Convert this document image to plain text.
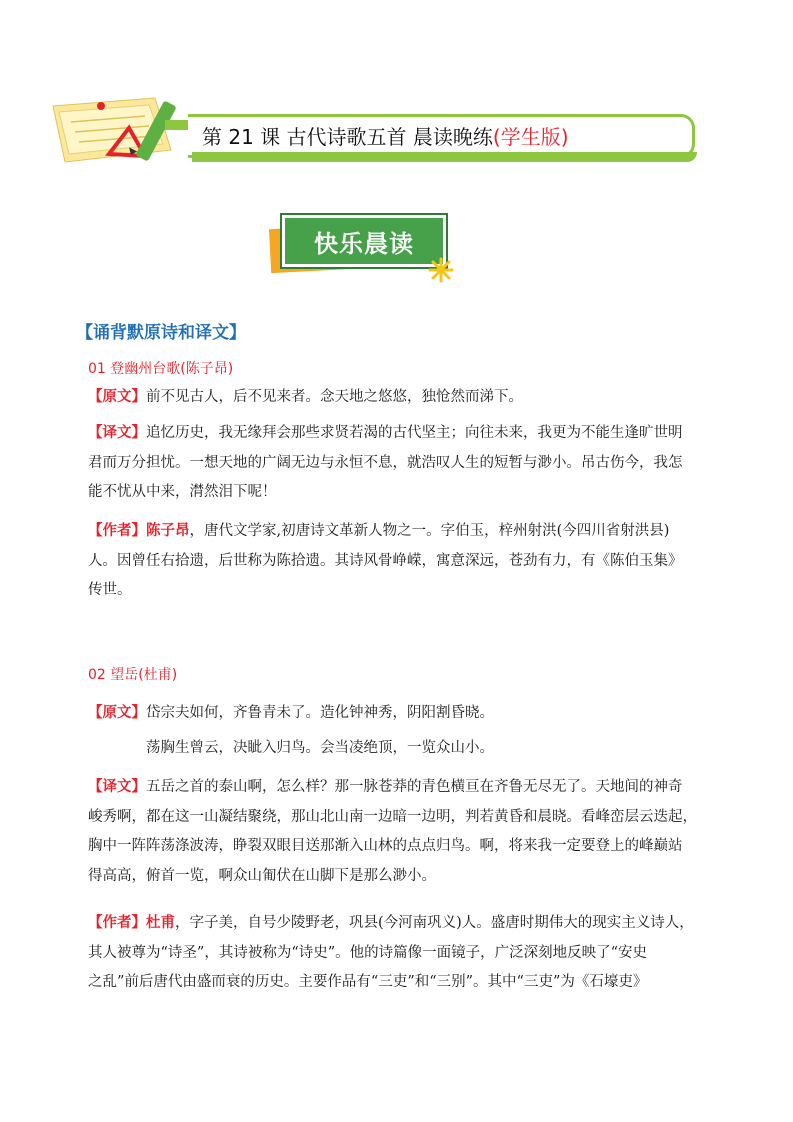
第 21 课 古代诗歌五首 晨读晚练(学生版)
快乐晨读
【诵背默原诗和译文】
01 登幽州台歌(陈子昂)
【原文】前不见古人，后不见来者。念天地之悠悠，独怆然而涕下。
【译文】追忆历史，我无缘拜会那些求贤若渴的古代坚主；向往未来，我更为不能生逢旷世明
君而万分担忧。一想天地的广阔无边与永恒不息，就浩叹人生的短暂与渺小。吊古伤今，我怎
能不忧从中来，潸然泪下呢！
【作者】陈子昂，唐代文学家,初唐诗文革新人物之一。字伯玉，梓州射洪(今四川省射洪县)
人。因曾任右拾遗，后世称为陈拾遗。其诗风骨峥嵘，寓意深远，苍劲有力，有《陈伯玉集》
传世。
02 望岳(杜甫)
【原文】岱宗夫如何，齐鲁青未了。造化钟神秀，阴阳割昏晓。
荡胸生曾云，决眦入归鸟。会当凌绝顶，一览众山小。
【译文】五岳之首的泰山啊，怎么样？那一脉苍莽的青色横亘在齐鲁无尽无了。天地间的神奇
峻秀啊，都在这一山凝结聚绕，那山北山南一边暗一边明，判若黄昏和晨晓。看峰峦层云迭起，
胸中一阵阵荡涤波涛，睁裂双眼目送那渐入山林的点点归鸟。啊，将来我一定要登上的峰巅站
得高高，俯首一览，啊众山匍伏在山脚下是那么渺小。
【作者】杜甫，字子美，自号少陵野老，巩县(今河南巩义)人。盛唐时期伟大的现实主义诗人，
其人被尊为“诗圣”，其诗被称为“诗史”。他的诗篇像一面镜子，广泛深刻地反映了“安史
之乱”前后唐代由盛而衰的历史。主要作品有“三吏”和“三别”。其中“三吏”为《石壕吏》
